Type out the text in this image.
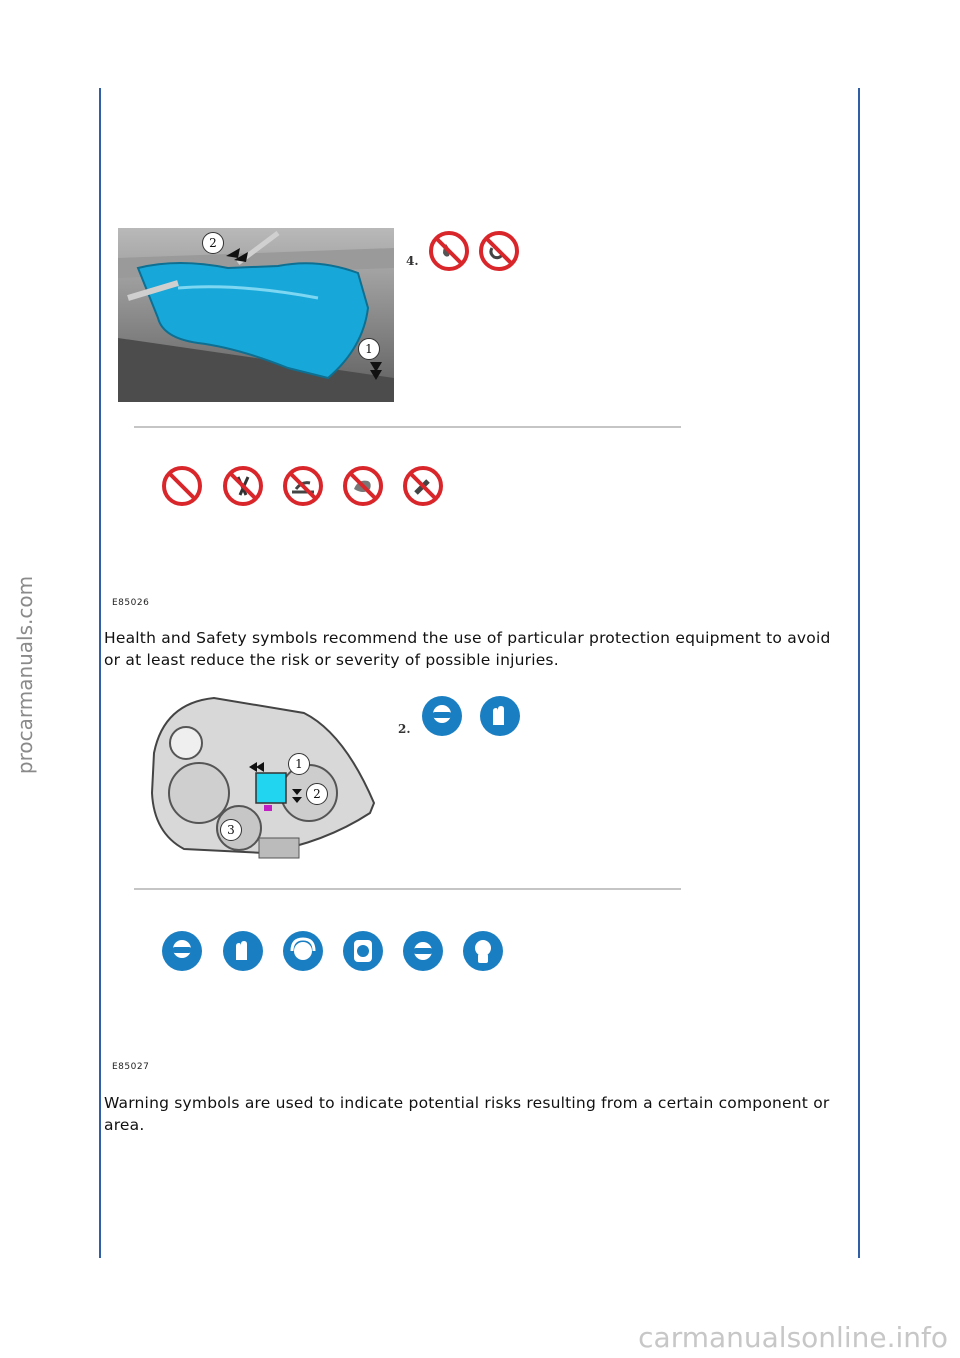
procarmanuals.com
2
1
4.
E85026
Health and Safety symbols recommend the use of particular protection equipment to avoid or at least reduce the risk or severity of possible injuries.
1
2
3
2.
E85027
Warning symbols are used to indicate potential risks resulting from a certain component or area.
carmanualsonline.info
